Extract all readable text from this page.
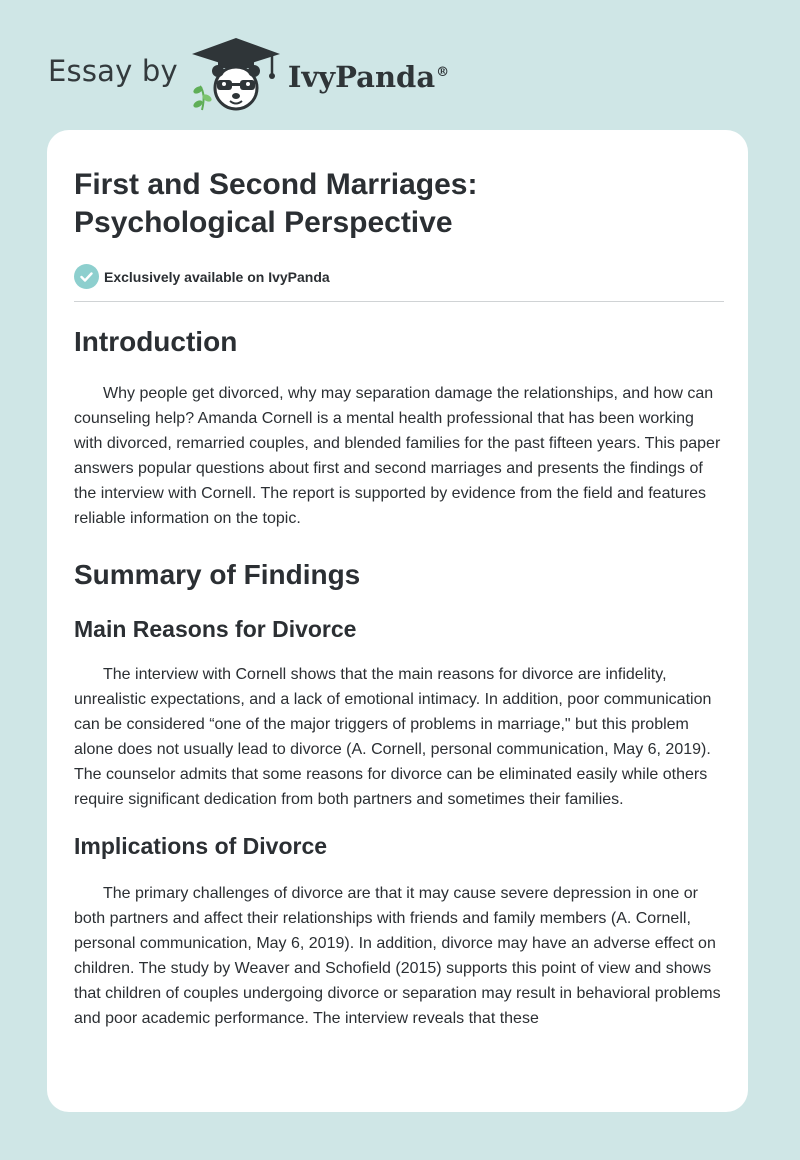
Essay by	IvyPanda®
First and Second Marriages:
Psychological Perspective
Exclusively available on IvyPanda
Introduction

Why people get divorced, why may separation damage the relationships, and how can counseling help? Amanda Cornell is a mental health professional that has been working with divorced, remarried couples, and blended families for the past fifteen years. This paper answers popular questions about first and second marriages and presents the findings of the interview with Cornell. The report is supported by evidence from the field and features reliable information on the topic.

Summary of Findings
Main Reasons for Divorce

The interview with Cornell shows that the main reasons for divorce are infidelity, unrealistic expectations, and a lack of emotional intimacy. In addition, poor communication can be considered “one of the major triggers of problems in marriage," but this problem alone does not usually lead to divorce (A. Cornell, personal communication, May 6, 2019). The counselor admits that some reasons for divorce can be eliminated easily while others require significant dedication from both partners and sometimes their families.

Implications of Divorce

The primary challenges of divorce are that it may cause severe depression in one or both partners and affect their relationships with friends and family members (A. Cornell, personal communication, May 6, 2019). In addition, divorce may have an adverse effect on children. The study by Weaver and Schofield (2015) supports this point of view and shows that children of couples undergoing divorce or separation may result in behavioral problems and poor academic performance. The interview reveals that these
